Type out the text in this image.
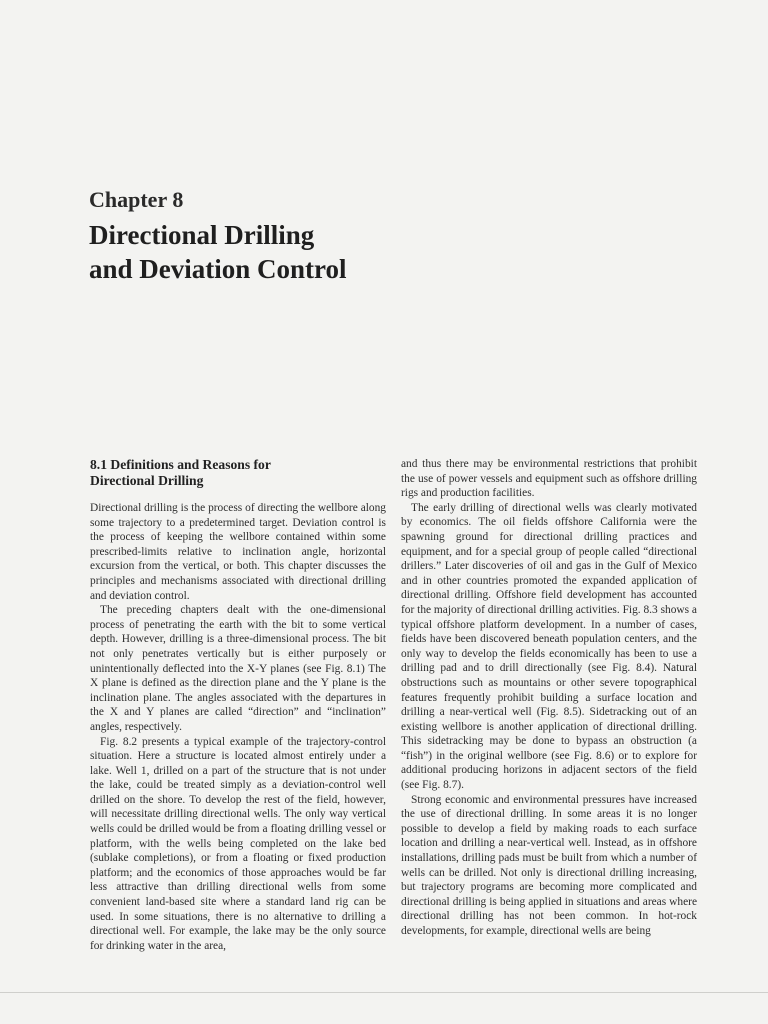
Chapter 8
Directional Drilling
and Deviation Control
8.1 Definitions and Reasons for
Directional Drilling

Directional drilling is the process of directing the wellbore along some trajectory to a predetermined target. Deviation control is the process of keeping the wellbore contained within some prescribed-limits relative to inclination angle, horizontal excursion from the vertical, or both. This chapter discusses the principles and mechanisms associated with directional drilling and deviation control.

The preceding chapters dealt with the one-dimensional process of penetrating the earth with the bit to some vertical depth. However, drilling is a three-dimensional process. The bit not only penetrates vertically but is either purposely or unintentionally deflected into the X-Y planes (see Fig. 8.1) The X plane is defined as the direction plane and the Y plane is the inclination plane. The angles associated with the departures in the X and Y planes are called “direction” and “inclination” angles, respectively.

Fig. 8.2 presents a typical example of the trajectory-control situation. Here a structure is located almost entirely under a lake. Well 1, drilled on a part of the structure that is not under the lake, could be treated simply as a deviation-control well drilled on the shore. To develop the rest of the field, however, will necessitate drilling directional wells. The only way vertical wells could be drilled would be from a floating drilling vessel or platform, with the wells being completed on the lake bed (sublake completions), or from a floating or fixed production platform; and the economics of those approaches would be far less attractive than drilling directional wells from some convenient land-based site where a standard land rig can be used. In some situations, there is no alternative to drilling a directional well. For example, the lake may be the only source for drinking water in the area,

and thus there may be environmental restrictions that prohibit the use of power vessels and equipment such as offshore drilling rigs and production facilities.

The early drilling of directional wells was clearly motivated by economics. The oil fields offshore California were the spawning ground for directional drilling practices and equipment, and for a special group of people called “directional drillers.” Later discoveries of oil and gas in the Gulf of Mexico and in other countries promoted the expanded application of directional drilling. Offshore field development has accounted for the majority of directional drilling activities. Fig. 8.3 shows a typical offshore platform development. In a number of cases, fields have been discovered beneath population centers, and the only way to develop the fields economically has been to use a drilling pad and to drill directionally (see Fig. 8.4). Natural obstructions such as mountains or other severe topographical features frequently prohibit building a surface location and drilling a near-vertical well (Fig. 8.5). Sidetracking out of an existing wellbore is another application of directional drilling. This sidetracking may be done to bypass an obstruction (a “fish”) in the original wellbore (see Fig. 8.6) or to explore for additional producing horizons in adjacent sectors of the field (see Fig. 8.7).

Strong economic and environmental pressures have increased the use of directional drilling. In some areas it is no longer possible to develop a field by making roads to each surface location and drilling a near-vertical well. Instead, as in offshore installations, drilling pads must be built from which a number of wells can be drilled. Not only is directional drilling increasing, but trajectory programs are becoming more complicated and directional drilling is being applied in situations and areas where directional drilling has not been common. In hot-rock developments, for example, directional wells are being
